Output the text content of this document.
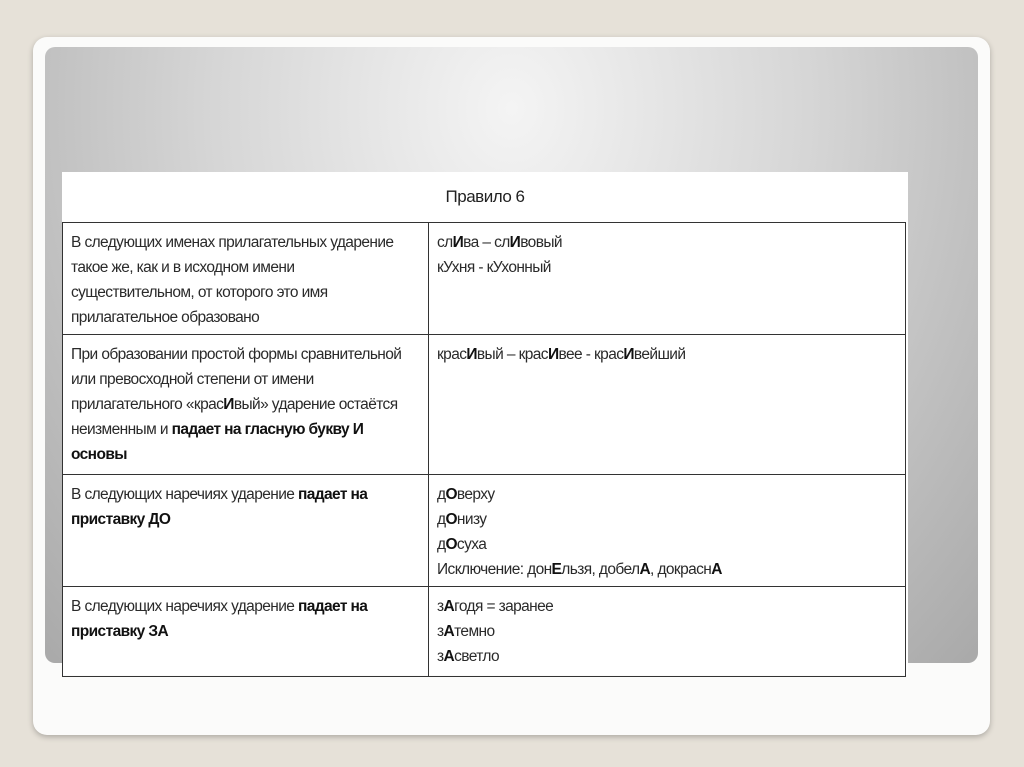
Правило 6
В следующих именах прилагательных ударение такое же, как и в исходном имени существительном, от которого это имя прилагательное образовано	слИва – слИвовый
кУхня - кУхонный

При образовании простой формы сравнительной или превосходной степени от имени прилагательного «красИвый» ударение остаётся неизменным и падает на гласную букву И основы	красИвый – красИвее - красИвейший

В следующих наречиях ударение падает на приставку ДО	дОверху
дОнизу
дОсуха
Исключение: донЕльзя, добелА, докраснА

В следующих наречиях ударение падает на приставку ЗА	зАгодя = заранее
зАтемно
зАсветло
